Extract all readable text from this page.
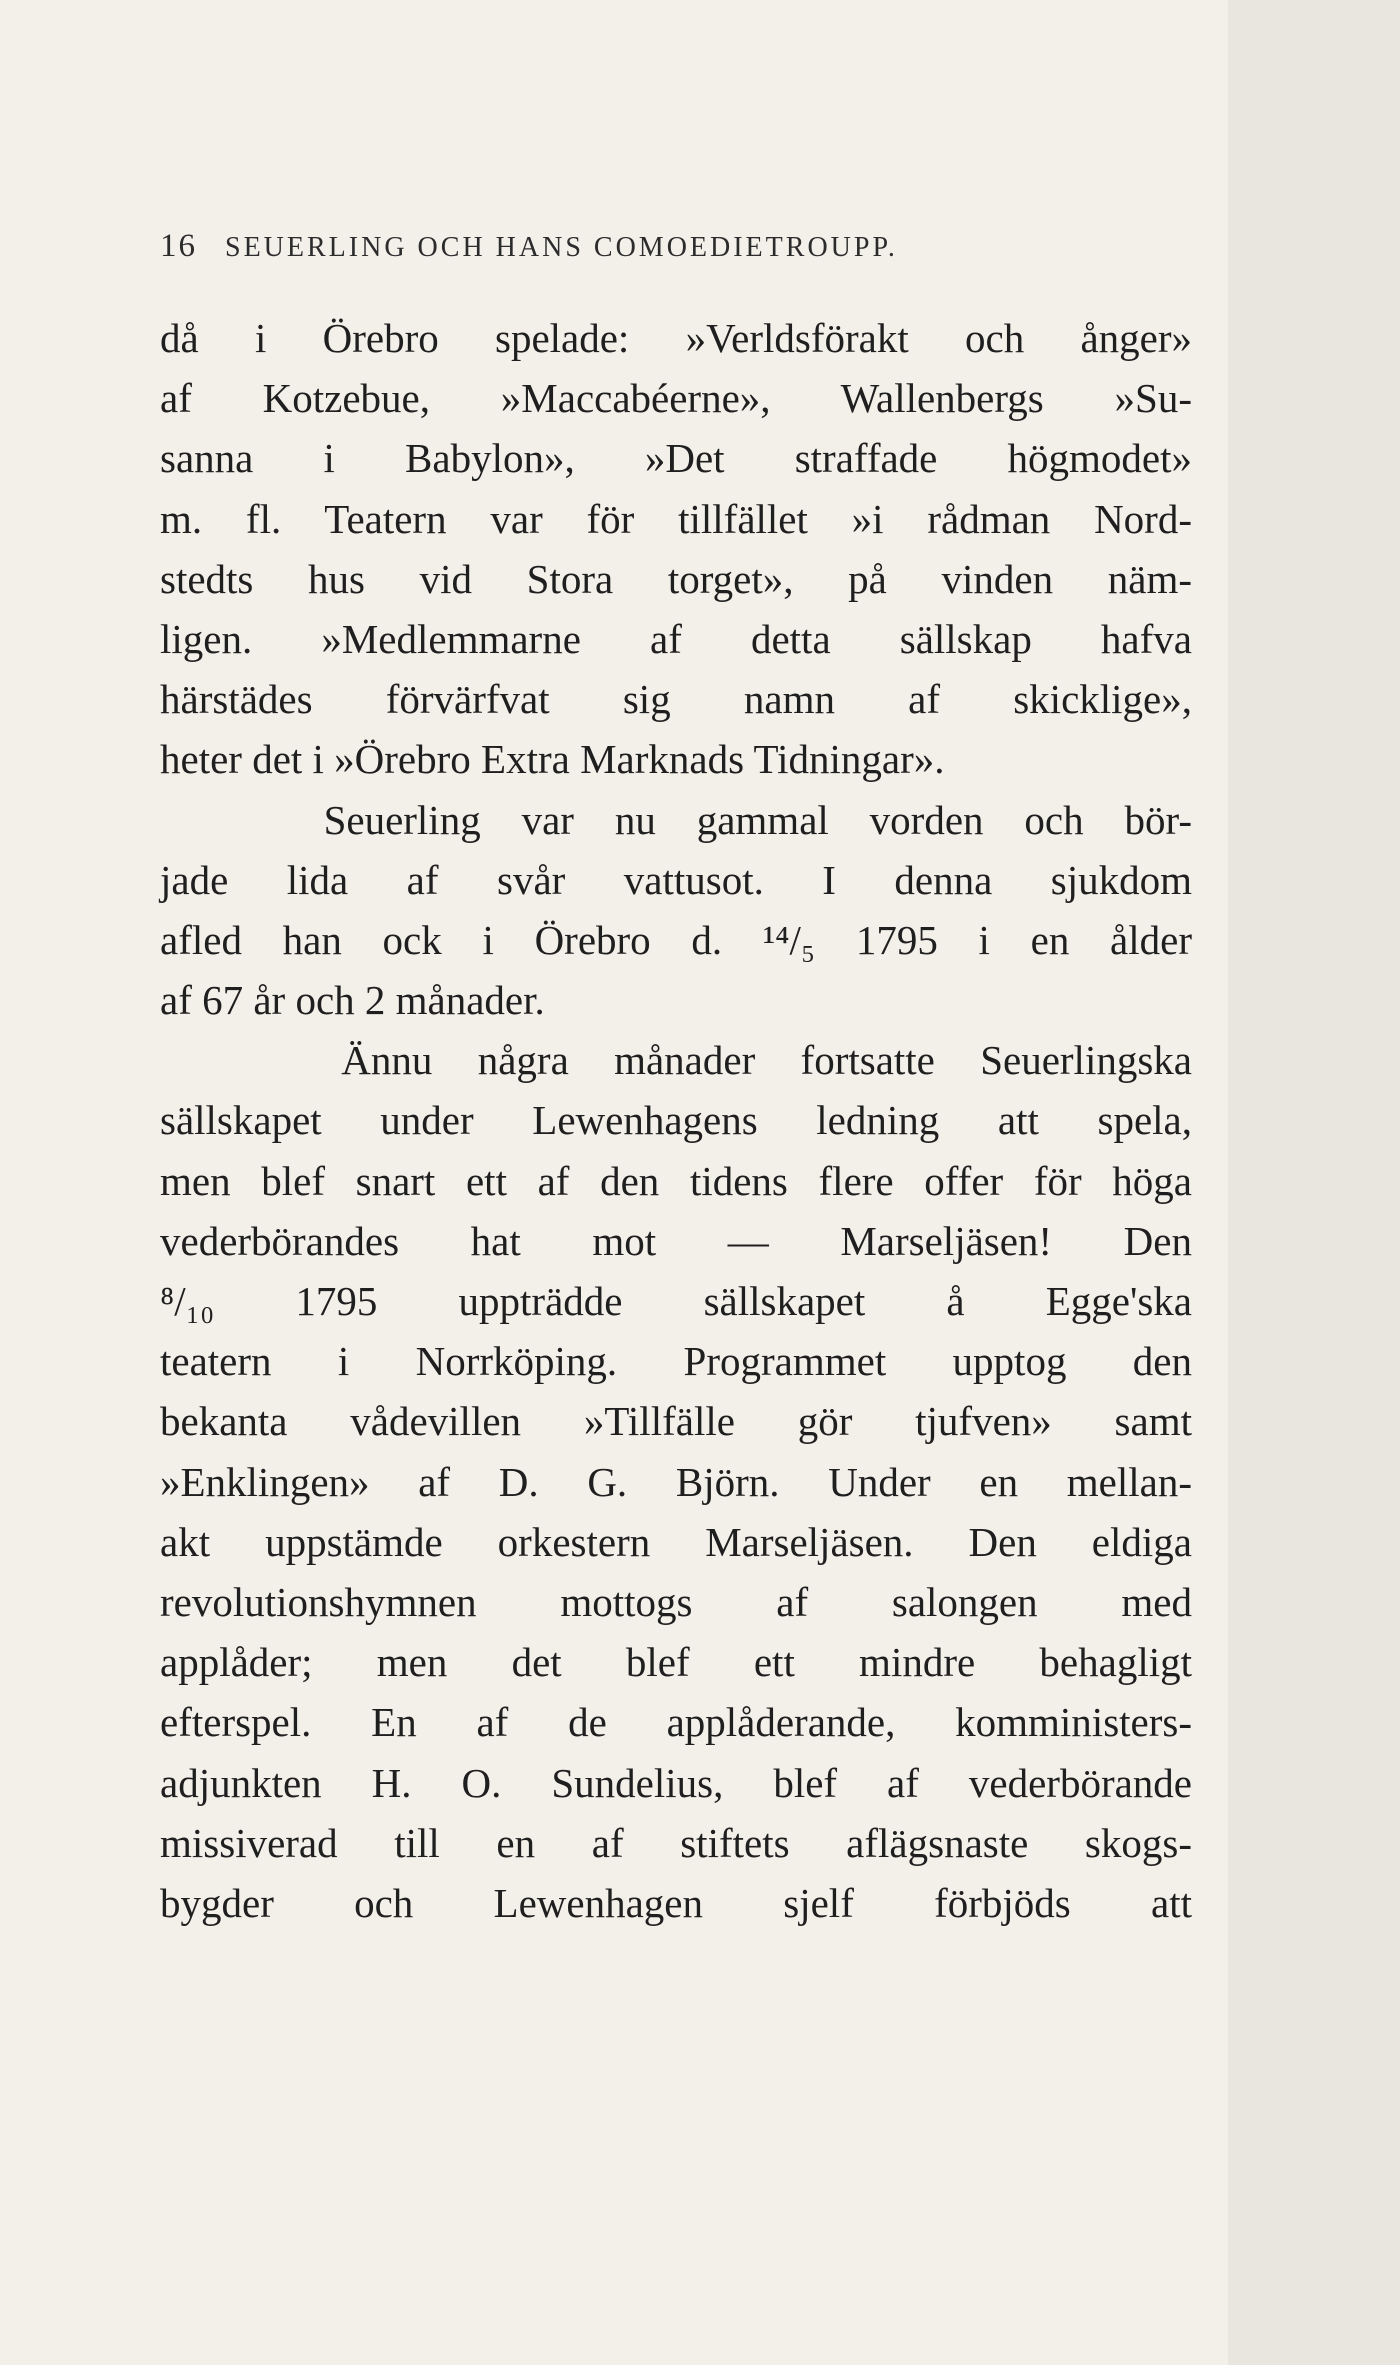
16 SEUERLING OCH HANS COMOEDIETROUPP.
då i Örebro spelade: »Verldsförakt och ånger»
af Kotzebue, »Maccabéerne», Wallenbergs »Su-
sanna i Babylon», »Det straffade högmodet»
m. fl. Teatern var för tillfället »i rådman Nord-
stedts hus vid Stora torget», på vinden näm-
ligen. »Medlemmarne af detta sällskap hafva
härstädes förvärfvat sig namn af skicklige»,
heter det i »Örebro Extra Marknads Tidningar».
Seuerling var nu gammal vorden och bör-
jade lida af svår vattusot. I denna sjukdom
afled han ock i Örebro d. ¹⁴/₅ 1795 i en ålder
af 67 år och 2 månader.
Ännu några månader fortsatte Seuerlingska
sällskapet under Lewenhagens ledning att spela,
men blef snart ett af den tidens flere offer för höga
vederbörandes hat mot — Marseljäsen! Den
⁸/₁₀ 1795 uppträdde sällskapet å Egge'ska
teatern i Norrköping. Programmet upptog den
bekanta vådevillen »Tillfälle gör tjufven» samt
»Enklingen» af D. G. Björn. Under en mellan-
akt uppstämde orkestern Marseljäsen. Den eldiga
revolutionshymnen mottogs af salongen med
applåder; men det blef ett mindre behagligt
efterspel. En af de applåderande, komministers-
adjunkten H. O. Sundelius, blef af vederbörande
missiverad till en af stiftets aflägsnaste skogs-
bygder och Lewenhagen sjelf förbjöds att
